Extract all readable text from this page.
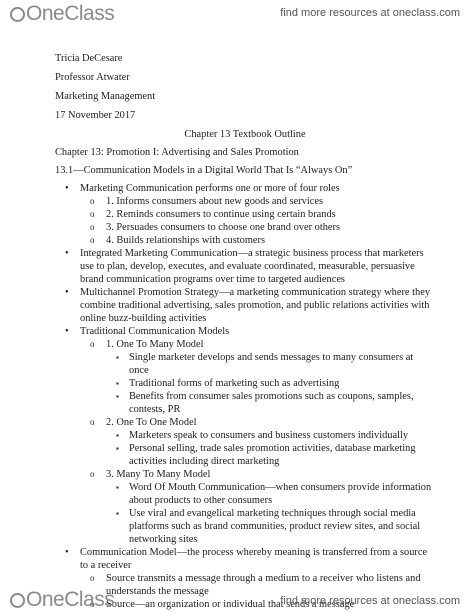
OneClass	find more resources at oneclass.com

Tricia DeCesare

Professor Atwater

Marketing Management

17 November 2017

Chapter 13 Textbook Outline

Chapter 13: Promotion I: Advertising and Sales Promotion

13.1—Communication Models in a Digital World That Is “Always On”

• Marketing Communication performs one or more of four roles
o 1. Informs consumers about new goods and services
o 2. Reminds consumers to continue using certain brands
o 3. Persuades consumers to choose one brand over others
o 4. Builds relationships with customers
• Integrated Marketing Communication—a strategic business process that marketers use to plan, develop, executes, and evaluate coordinated, measurable, persuasive brand communication programs over time to targeted audiences
• Multichannel Promotion Strategy—a marketing communication strategy where they combine traditional advertising, sales promotion, and public relations activities with online buzz-building activities
• Traditional Communication Models
o 1. One To Many Model
▪ Single marketer develops and sends messages to many consumers at once
▪ Traditional forms of marketing such as advertising
▪ Benefits from consumer sales promotions such as coupons, samples, contests, PR
o 2. One To One Model
▪ Marketers speak to consumers and business customers individually
▪ Personal selling, trade sales promotion activities, database marketing activities including direct marketing
o 3. Many To Many Model
▪ Word Of Mouth Communication—when consumers provide information about products to other consumers
▪ Use viral and evangelical marketing techniques through social media platforms such as brand communities, product review sites, and social networking sites
• Communication Model—the process whereby meaning is transferred from a source to a receiver
o Source transmits a message through a medium to a receiver who listens and understands the message
o Source—an organization or individual that sends a message
OneClass	find more resources at oneclass.com
